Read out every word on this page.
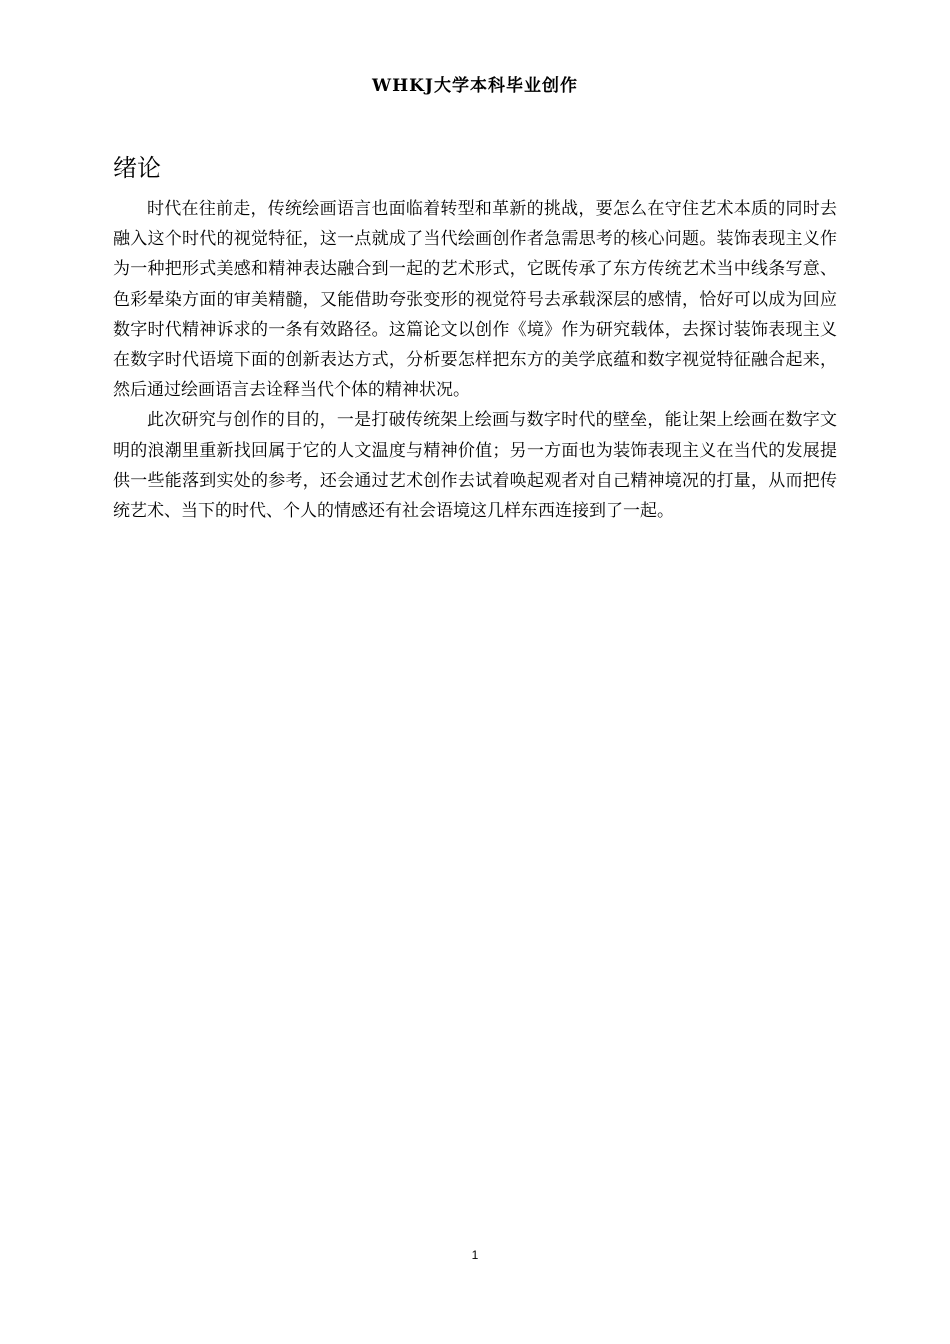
WHKJ大学本科毕业创作
绪论

时代在往前走，传统绘画语言也面临着转型和革新的挑战，要怎么在守住艺术本质的同时去融入这个时代的视觉特征，这一点就成了当代绘画创作者急需思考的核心问题。装饰表现主义作为一种把形式美感和精神表达融合到一起的艺术形式，它既传承了东方传统艺术当中线条写意、色彩晕染方面的审美精髓，又能借助夸张变形的视觉符号去承载深层的感情，恰好可以成为回应数字时代精神诉求的一条有效路径。这篇论文以创作《境》作为研究载体，去探讨装饰表现主义在数字时代语境下面的创新表达方式，分析要怎样把东方的美学底蕴和数字视觉特征融合起来，然后通过绘画语言去诠释当代个体的精神状况。

此次研究与创作的目的，一是打破传统架上绘画与数字时代的壁垒，能让架上绘画在数字文明的浪潮里重新找回属于它的人文温度与精神价值；另一方面也为装饰表现主义在当代的发展提供一些能落到实处的参考，还会通过艺术创作去试着唤起观者对自己精神境况的打量，从而把传统艺术、当下的时代、个人的情感还有社会语境这几样东西连接到了一起。

1
